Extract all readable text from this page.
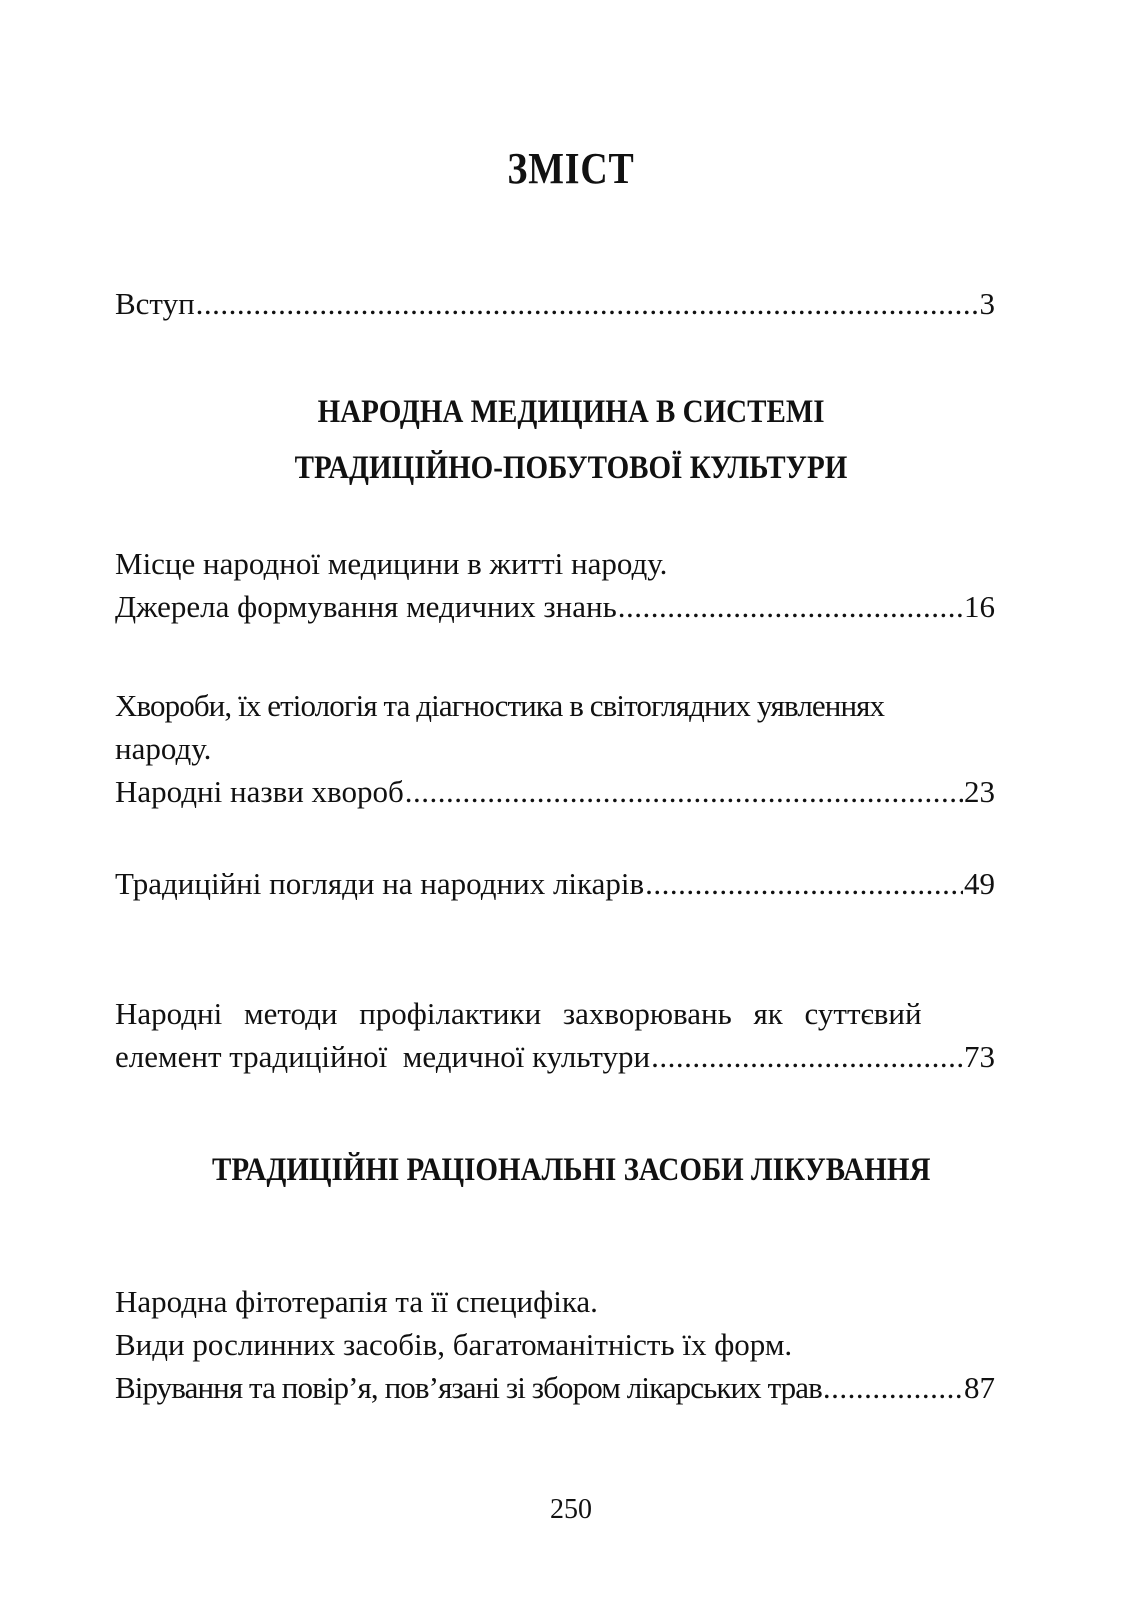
ЗМІСТ
Вступ .....	3
НАРОДНА МЕДИЦИНА В СИСТЕМІ
ТРАДИЦІЙНО-ПОБУТОВОЇ КУЛЬТУРИ
Місце народної медицини в житті народу.
Джерела формування медичних знань .....	16
Хвороби, їх етіологія та діагностика в світоглядних уявленнях
народу.
Народні назви хвороб .....	23
Традиційні погляди на народних лікарів .....	49
Народні методи профілактики захворювань як суттєвий
елемент традиційної  медичної культури .....	73
ТРАДИЦІЙНІ РАЦІОНАЛЬНІ ЗАСОБИ ЛІКУВАННЯ
Народна фітотерапія та її специфіка.
Види рослинних засобів, багатоманітність їх форм.
Вірування та повір’я, пов’язані зі збором лікарських трав .....	87
250
